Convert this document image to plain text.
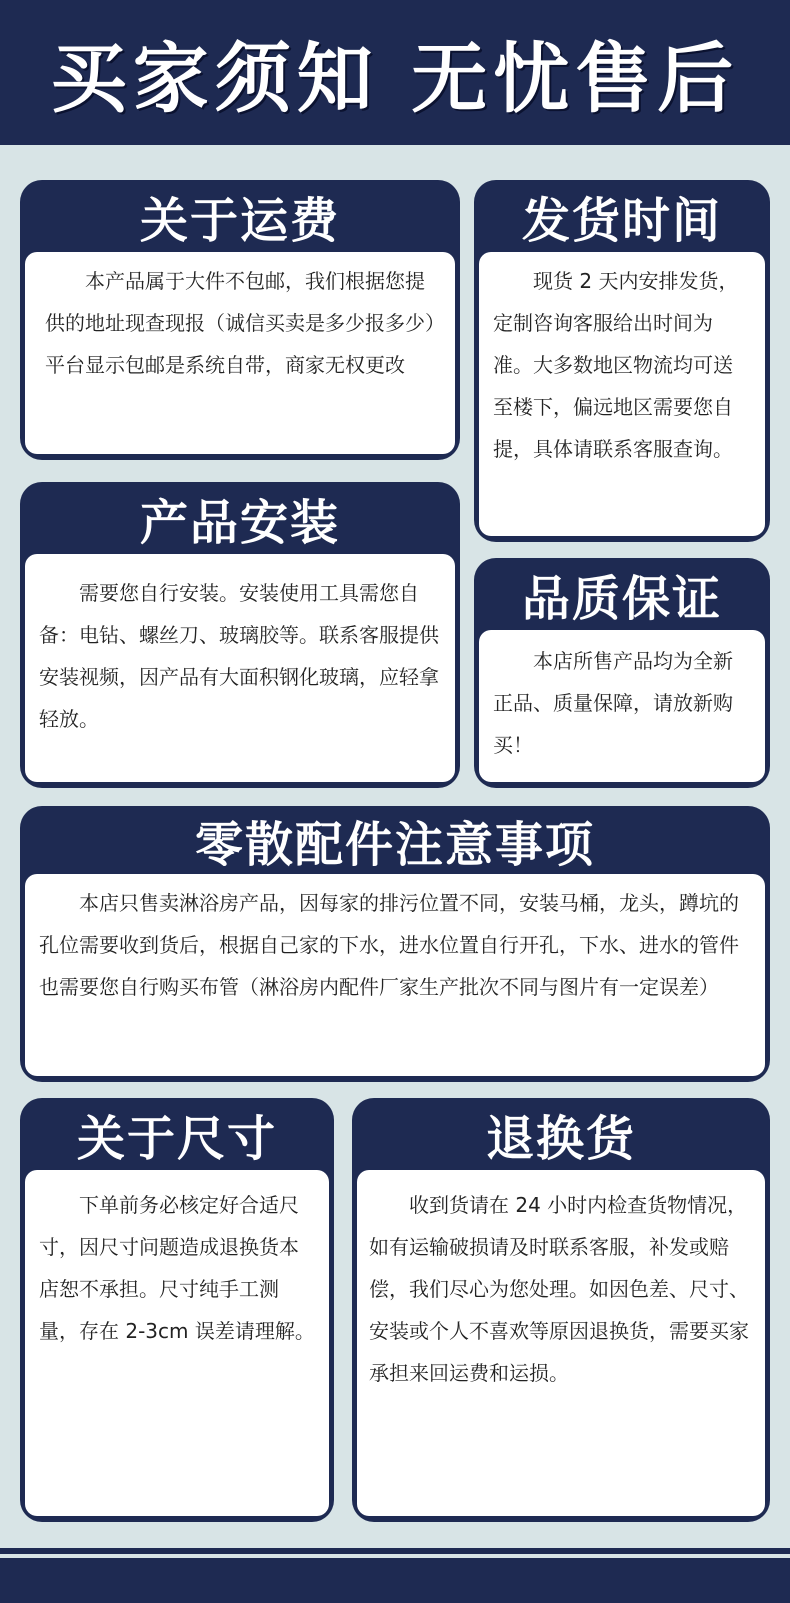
买家须知 无忧售后
关于运费

本产品属于大件不包邮，我们根据您提供的地址现查现报（诚信买卖是多少报多少）平台显示包邮是系统自带，商家无权更改

发货时间

现货 2 天内安排发货，定制咨询客服给出时间为准。大多数地区物流均可送至楼下，偏远地区需要您自提，具体请联系客服查询。

产品安装

需要您自行安装。安装使用工具需您自备：电钻、螺丝刀、玻璃胶等。联系客服提供安装视频，因产品有大面积钢化玻璃，应轻拿轻放。

品质保证

本店所售产品均为全新正品、质量保障，请放新购买！

零散配件注意事项

本店只售卖淋浴房产品，因每家的排污位置不同，安装马桶，龙头，蹲坑的孔位需要收到货后，根据自己家的下水，进水位置自行开孔，下水、进水的管件也需要您自行购买布管（淋浴房内配件厂家生产批次不同与图片有一定误差）

关于尺寸

下单前务必核定好合适尺寸，因尺寸问题造成退换货本店恕不承担。尺寸纯手工测量，存在 2-3cm 误差请理解。

退换货

收到货请在 24 小时内检查货物情况，如有运输破损请及时联系客服，补发或赔偿，我们尽心为您处理。如因色差、尺寸、安装或个人不喜欢等原因退换货，需要买家承担来回运费和运损。
